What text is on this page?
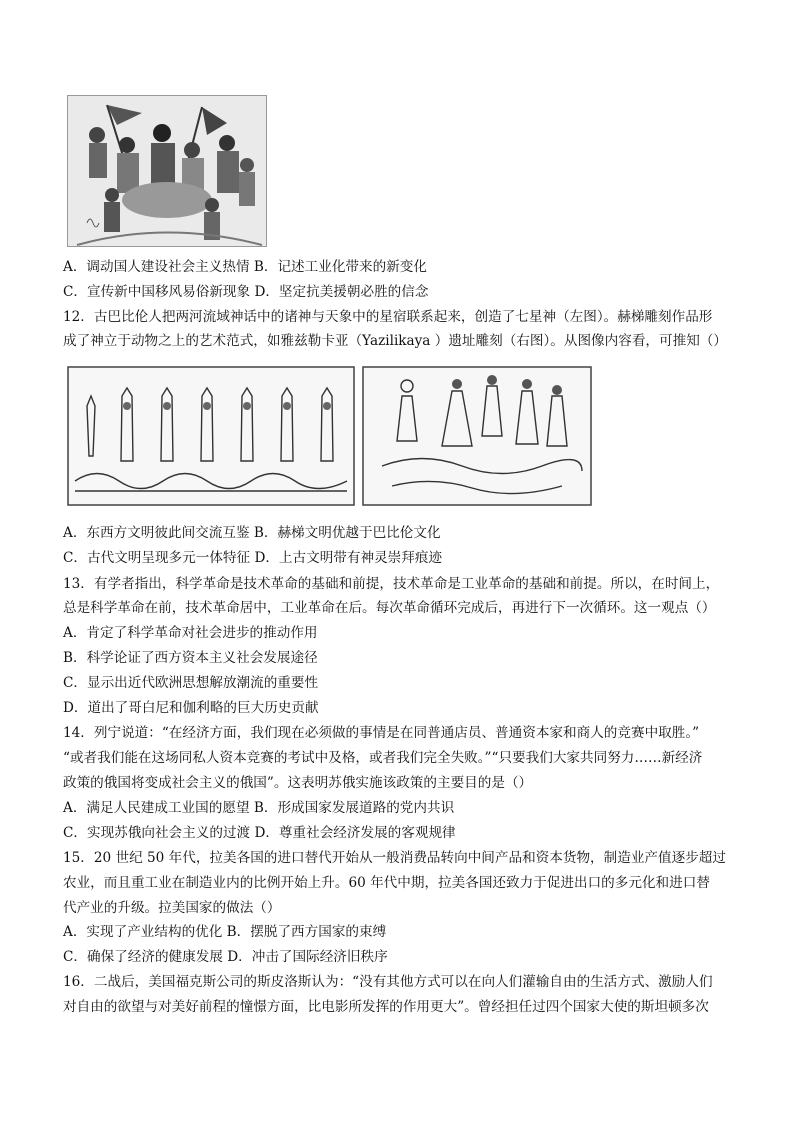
A．调动国人建设社会主义热情 B．记述工业化带来的新变化
C．宣传新中国移风易俗新现象 D．坚定抗美援朝必胜的信念
12．古巴比伦人把两河流域神话中的诸神与天象中的星宿联系起来，创造了七星神（左图）。赫梯雕刻作品形
成了神立于动物之上的艺术范式，如雅兹勒卡亚（Yazilikaya ）遗址雕刻（右图）。从图像内容看，可推知（）
A．东西方文明彼此间交流互鉴 B．赫梯文明优越于巴比伦文化
C．古代文明呈现多元一体特征 D．上古文明带有神灵崇拜痕迹
13．有学者指出，科学革命是技术革命的基础和前提，技术革命是工业革命的基础和前提。所以，在时间上，
总是科学革命在前，技术革命居中，工业革命在后。每次革命循环完成后，再进行下一次循环。这一观点（）
A．肯定了科学革命对社会进步的推动作用
B．科学论证了西方资本主义社会发展途径
C．显示出近代欧洲思想解放潮流的重要性
D．道出了哥白尼和伽利略的巨大历史贡献
14．列宁说道：“在经济方面，我们现在必须做的事情是在同普通店员、普通资本家和商人的竞赛中取胜。”
“或者我们能在这场同私人资本竞赛的考试中及格，或者我们完全失败。”“只要我们大家共同努力……新经济
政策的俄国将变成社会主义的俄国”。这表明苏俄实施该政策的主要目的是（）
A．满足人民建成工业国的愿望 B．形成国家发展道路的党内共识
C．实现苏俄向社会主义的过渡 D．尊重社会经济发展的客观规律
15．20 世纪 50 年代，拉美各国的进口替代开始从一般消费品转向中间产品和资本货物，制造业产值逐步超过
农业，而且重工业在制造业内的比例开始上升。60 年代中期，拉美各国还致力于促进出口的多元化和进口替
代产业的升级。拉美国家的做法（）
A．实现了产业结构的优化 B．摆脱了西方国家的束缚
C．确保了经济的健康发展 D．冲击了国际经济旧秩序
16．二战后，美国福克斯公司的斯皮洛斯认为：“没有其他方式可以在向人们灌输自由的生活方式、激励人们
对自由的欲望与对美好前程的憧憬方面，比电影所发挥的作用更大”。曾经担任过四个国家大使的斯坦顿多次
